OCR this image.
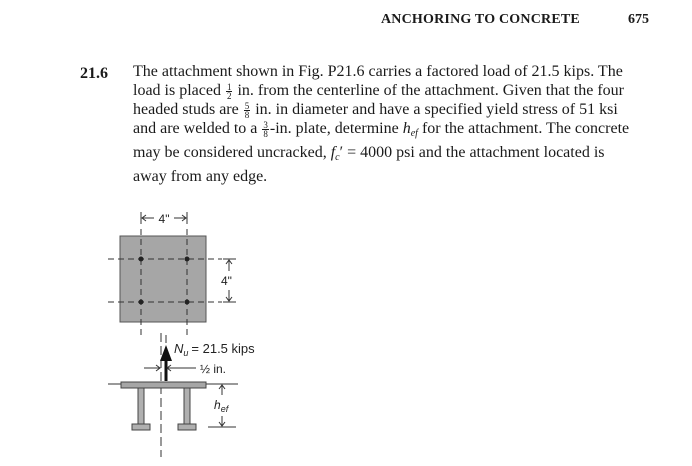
ANCHORING TO CONCRETE	675
21.6 The attachment shown in Fig. P21.6 carries a factored load of 21.5 kips. The
load is placed $\frac{1}{2}$ in. from the centerline of the attachment. Given that the four
headed studs are $\frac{5}{8}$ in. in diameter and have a specified yield stress of 51 ksi
and are welded to a $\frac{3}{8} -in$. plate, determine $h_{ef}$ for the attachment. The concrete
may be considered uncracked, $f_c' = 4000$ psi and the attachment located is
away from any edge.
4"
4"
$N_u = 21.5$ kips
½ in.
$h_{ef}$
